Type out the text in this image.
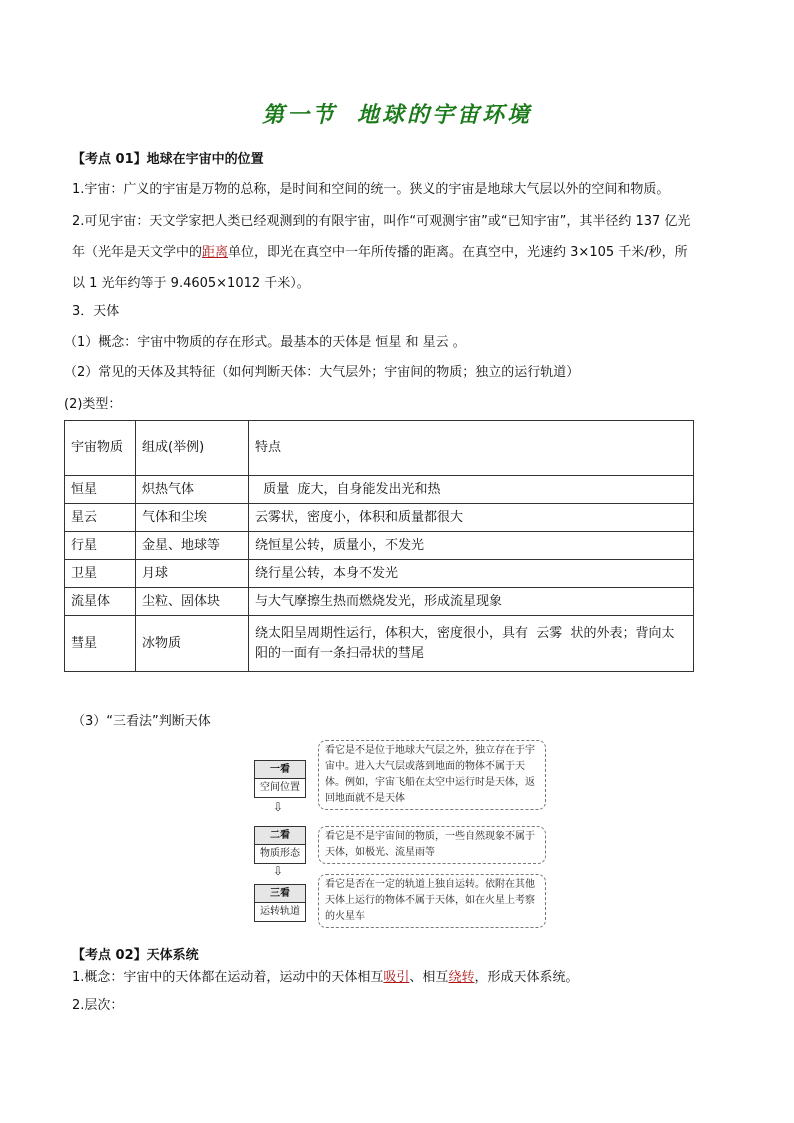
第一节 地球的宇宙环境
【考点 01】地球在宇宙中的位置
1.宇宙：广义的宇宙是万物的总称，是时间和空间的统一。狭义的宇宙是地球大气层以外的空间和物质。
2.可见宇宙：天文学家把人类已经观测到的有限宇宙，叫作“可观测宇宙”或“已知宇宙”，其半径约 137 亿光
年（光年是天文学中的距离单位，即光在真空中一年所传播的距离。在真空中，光速约 3×105 千米/秒，所
以 1 光年约等于 9.4605×1012 千米）。
3．天体
（1）概念：宇宙中物质的存在形式。最基本的天体是 恒星 和 星云 。
（2）常见的天体及其特征（如何判断天体：大气层外；宇宙间的物质；独立的运行轨道）
(2)类型：
宇宙物质	组成(举例)	特点
恒星	炽热气体	质量  庞大，自身能发出光和热
星云	气体和尘埃	云雾状，密度小，体积和质量都很大
行星	金星、地球等	绕恒星公转，质量小，不发光
卫星	月球	绕行星公转，本身不发光
流星体	尘粒、固体块	与大气摩擦生热而燃烧发光，形成流星现象
彗星	冰物质	绕太阳呈周期性运行，体积大，密度很小，具有  云雾  状的外表；背向太阳的一面有一条扫帚状的彗尾
（3）“三看法”判断天体
一看
空间位置
⇩
二看
物质形态
⇩
三看
运转轨道
看它是不是位于地球大气层之外，独立存在于宇宙中。进入大气层或落到地面的物体不属于天体。例如，宇宙飞船在太空中运行时是天体，返回地面就不是天体
看它是不是宇宙间的物质，一些自然现象不属于天体，如极光、流星雨等
看它是否在一定的轨道上独自运转。依附在其他天体上运行的物体不属于天体，如在火星上考察的火星车
【考点 02】天体系统
1.概念：宇宙中的天体都在运动着，运动中的天体相互吸引、相互绕转，形成天体系统。
2.层次：
